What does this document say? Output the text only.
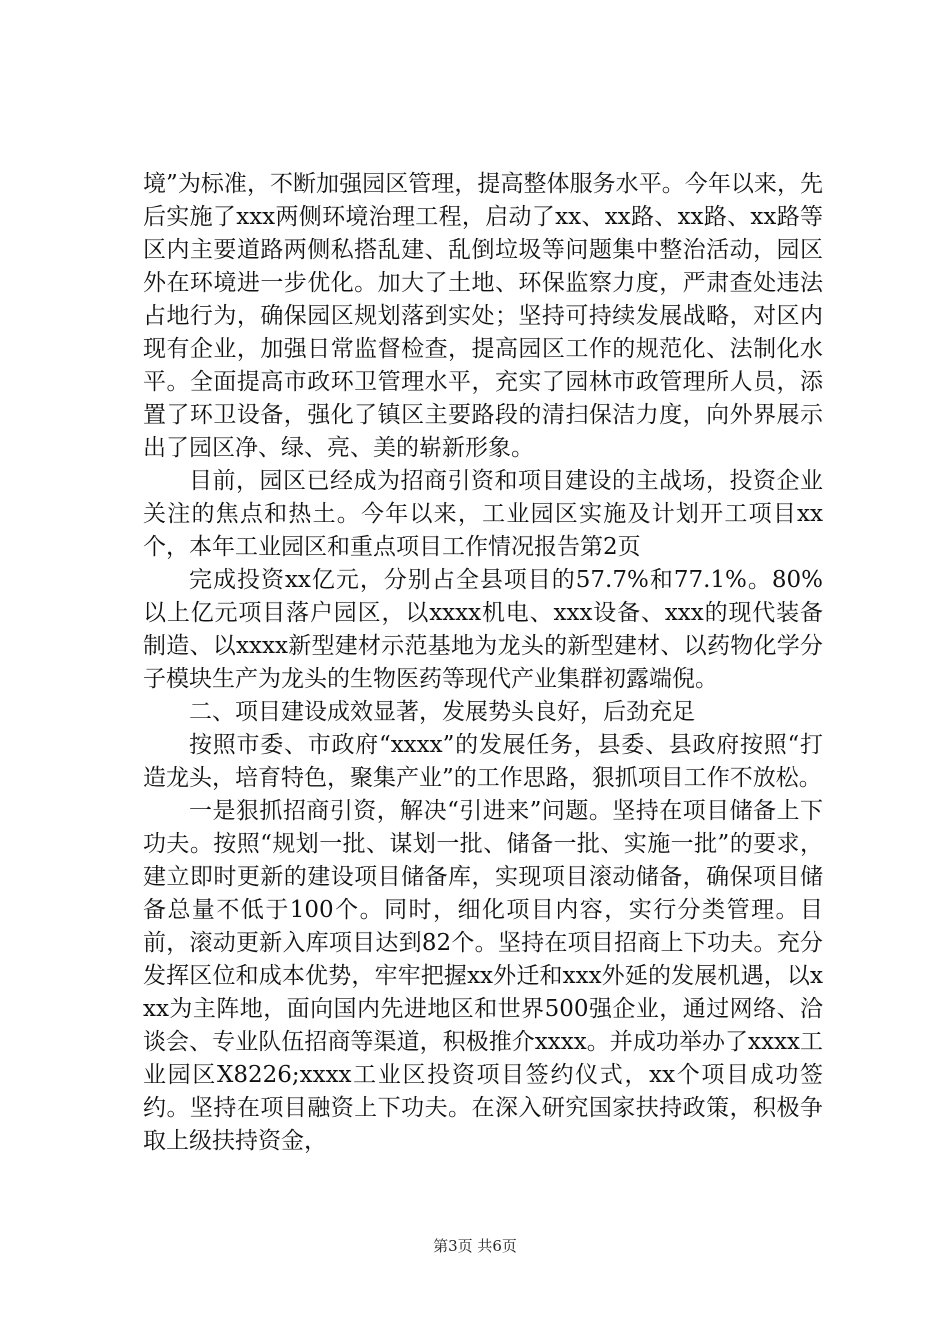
境”为标准，不断加强园区管理，提高整体服务水平。今年以来，先后实施了xxx两侧环境治理工程，启动了xx、xx路、xx路、xx路等区内主要道路两侧私搭乱建、乱倒垃圾等问题集中整治活动，园区外在环境进一步优化。加大了土地、环保监察力度，严肃查处违法占地行为，确保园区规划落到实处；坚持可持续发展战略，对区内现有企业，加强日常监督检查，提高园区工作的规范化、法制化水平。全面提高市政环卫管理水平，充实了园林市政管理所人员，添置了环卫设备，强化了镇区主要路段的清扫保洁力度，向外界展示出了园区净、绿、亮、美的崭新形象。

目前，园区已经成为招商引资和项目建设的主战场，投资企业关注的焦点和热土。今年以来，工业园区实施及计划开工项目xx个，本年工业园区和重点项目工作情况报告第2页

完成投资xx亿元，分别占全县项目的57.7%和77.1%。80%以上亿元项目落户园区，以xxxx机电、xxx设备、xxx的现代装备制造、以xxxx新型建材示范基地为龙头的新型建材、以药物化学分子模块生产为龙头的生物医药等现代产业集群初露端倪。

二、项目建设成效显著，发展势头良好，后劲充足

按照市委、市政府“xxxx”的发展任务，县委、县政府按照“打造龙头，培育特色，聚集产业”的工作思路，狠抓项目工作不放松。

一是狠抓招商引资，解决“引进来”问题。坚持在项目储备上下功夫。按照“规划一批、谋划一批、储备一批、实施一批”的要求，建立即时更新的建设项目储备库，实现项目滚动储备，确保项目储备总量不低于100个。同时，细化项目内容，实行分类管理。目前，滚动更新入库项目达到82个。坚持在项目招商上下功夫。充分发挥区位和成本优势，牢牢把握xx外迁和xxx外延的发展机遇，以xxx为主阵地，面向国内先进地区和世界500强企业，通过网络、洽谈会、专业队伍招商等渠道，积极推介xxxx。并成功举办了xxxx工业园区X8226;xxxx工业区投资项目签约仪式，xx个项目成功签约。坚持在项目融资上下功夫。在深入研究国家扶持政策，积极争取上级扶持资金，

第3页 共6页
